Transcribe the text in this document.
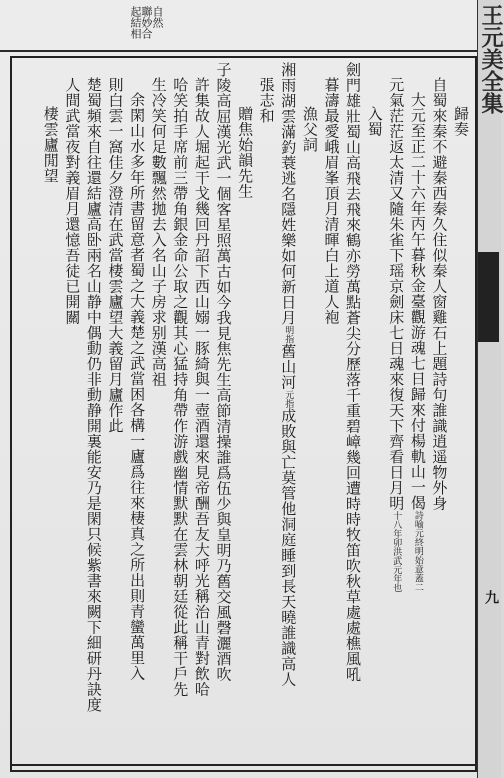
自然
聯妙合
起結相
歸奏
自蜀來秦不避秦西秦久住似秦人窗雞石上題詩句誰識逍遥物外身
大元至正二十六年丙午暮秋金臺觀游魂七日歸來付楊軌山一偈詩喻元終明始意蓋二
元氣茫茫返太清又隨朱雀下瑶京劍床七日魂來復天下齊看日月明十八年卯洪武元年也
入蜀
劍門雄壯蜀山高飛去飛來鶴亦勞萬點蒼尖分歷落千重碧嶂幾回遭時時牧笛吹秋草處處樵風吼
暮濤最愛峨眉峯頂月清暉白上道人袍
漁父詞
湘雨湖雲滿釣蓑逃名隱姓樂如何新日月明指舊山河元指成敗與亡莫管他洞庭睡到長天曉誰識高人
張志和
贈焦始韻先生
子陵高屈漢光武一個客星照萬古如今我見焦先生高節清操誰爲伍少與皇明乃舊交風磬灑酒吹
許集故人堀起干戈幾回丹詔下西山嫋一豚綺與一壺酒還來見帝酬吾友大呼光稱治山青對飲哈
哈笑拍手席前三帶角銀金命公取之觀其心猛持角帶作游戲幽情默默在雲林朝廷從此稱干戶先
生冷笑何足數飄然拋去入名山子房求别漢高祖
余閑山水多年所書留意者蜀之大義楚之武當困各構一廬爲往來棲真之所出則青蠻萬里入
則白雲一窩佳夕澄清在武當棲雲廬望大義留月廬作此
楚蜀頻來自往還結廬高卧兩名山静中偶動仍非動静開裏能安乃是閑只候紫書來闕下細研丹訣度
人間武當夜對義眉月還憶吾徒已開關
棲雲廬閒望
王元美全集
九
